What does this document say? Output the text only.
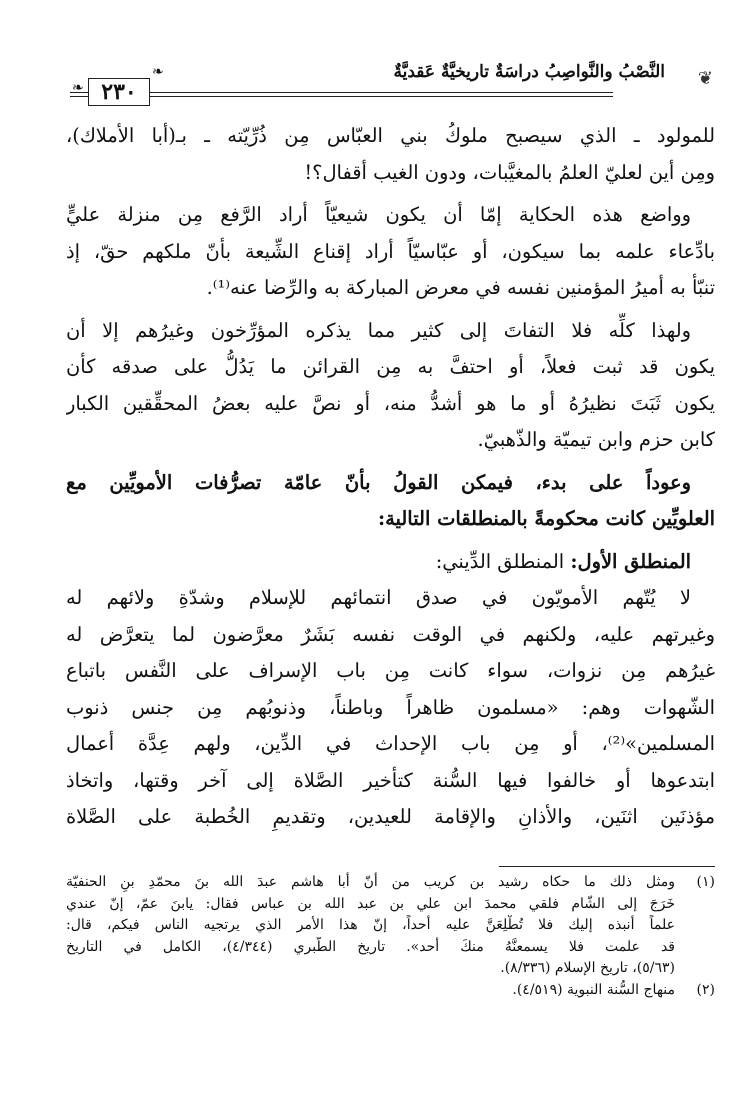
❦
النَّصْبُ والنَّواصِبُ دراسَةٌ تاريخيَّةٌ عَقديَّةٌ
❧
٢٣٠
❧
للمولود ـ الذي سيصبح ملوكُ بني العبّاس مِن ذُرِّيّته ـ بـ(أبا الأملاك)،
ومِن أين لعليّ العلمُ بالمغيَّبات، ودون الغيب أقفال؟!
وواضع هذه الحكاية إمّا أن يكون شيعيّاً أراد الرَّفع مِن منزلة عليٍّ
بادِّعاء علمه بما سيكون، أو عبّاسيّاً أراد إقناع الشِّيعة بأنّ ملكهم حقّ، إذ
تنبّأ به أميرُ المؤمنين نفسه في معرض المباركة به والرِّضا عنه⁽¹⁾.
ولهذا كلِّه فلا التفاتَ إلى كثير مما يذكره المؤرِّخون وغيرُهم إلا أن
يكون قد ثبت فعلاً، أو احتفَّ به مِن القرائن ما يَدُلُّ على صدقه كأن
يكون ثَبَتَ نظيرُهُ أو ما هو أشدُّ منه، أو نصَّ عليه بعضُ المحقِّقين الكبار
كابن حزم وابن تيميّة والذّهبيّ.
وعوداً على بدء، فيمكن القولُ بأنّ عامّة تصرُّفات الأمويِّين مع
العلويِّين كانت محكومةً بالمنطلقات التالية:
المنطلق الأول: المنطلق الدِّيني:
لا يُتّهم الأمويّون في صدق انتمائهم للإسلام وشدّةِ ولائهم له
وغيرتهم عليه، ولكنهم في الوقت نفسه بَشَرٌ معرَّضون لما يتعرَّض له
غيرُهم مِن نزوات، سواء كانت مِن باب الإسراف على النَّفس باتباع
الشّهوات وهم: «مسلمون ظاهراً وباطناً، وذنوبُهم مِن جنس ذنوب
المسلمين»⁽²⁾، أو مِن باب الإحداث في الدِّين، ولهم عِدَّة أعمال
ابتدعوها أو خالفوا فيها السُّنة كتأخير الصَّلاة إلى آخر وقتها، واتخاذ
مؤذنَين اثنَين، والأذانِ والإقامة للعيدين، وتقديمِ الخُطبة على الصَّلاة
(١)ومثل ذلك ما حكاه رشيد بن كريب من أنّ أبا هاشم عبدَ الله بنَ محمّدِ بنِ الحنفيّة
خَرَجَ إلى الشّام فلقي محمدَ ابن علي بن عبد الله بن عباس فقال: يابنَ عمّ، إنّ عندي
علماً أنبذه إليك فلا تُطْلِعَنَّ عليه أحداً، إنّ هذا الأمر الذي يرتجيه الناس فيكم، قال:
قد علمت فلا يسمعنَّهُ منكَ أحد». تاريخ الطّبري (٤/٣٤٤)، الكامل في التاريخ
(٥/٦٣)، تاريخ الإسلام (٨/٣٣٦).
(٢)منهاج السُّنة النبوية (٤/٥١٩).
